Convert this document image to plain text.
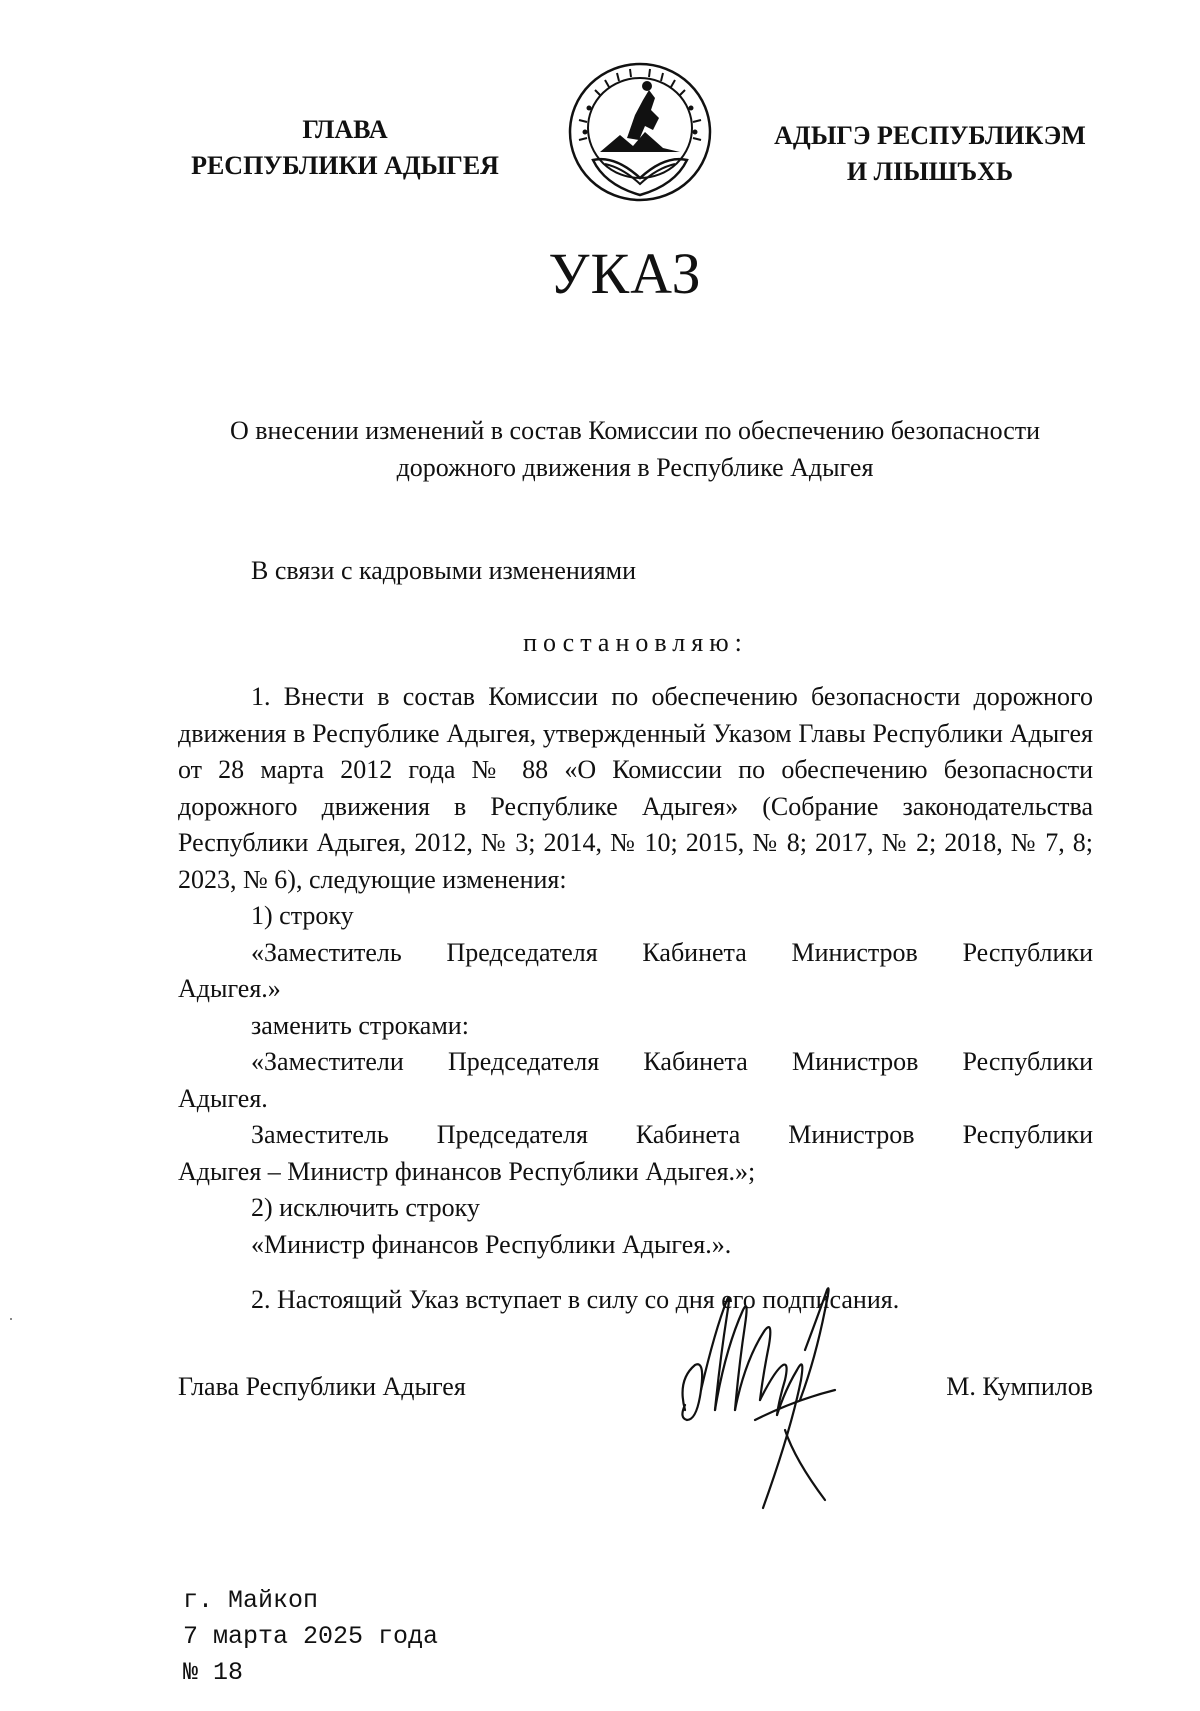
ГЛАВА
РЕСПУБЛИКИ АДЫГЕЯ
АДЫГЭ РЕСПУБЛИКЭМ
И ЛІЫШЪХЬ
УКАЗ
О внесении изменений в состав Комиссии по обеспечению безопасности
дорожного движения в Республике Адыгея
В связи с кадровыми изменениями
постановляю:
1. Внести в состав Комиссии по обеспечению безопасности дорожного движения в Республике Адыгея, утвержденный Указом Главы Республики Адыгея от 28 марта 2012 года № 88 «О Комиссии по обеспечению безопасности дорожного движения в Республике Адыгея» (Собрание законодательства Республики Адыгея, 2012, № 3; 2014, № 10; 2015, № 8; 2017, № 2; 2018, № 7, 8; 2023, № 6), следующие изменения:
1) строку
«Заместитель Председателя Кабинета Министров Республики
Адыгея.»
заменить строками:
«Заместители Председателя Кабинета Министров Республики
Адыгея.
Заместитель Председателя Кабинета Министров Республики
Адыгея – Министр финансов Республики Адыгея.»;
2) исключить строку
«Министр финансов Республики Адыгея.».
2. Настоящий Указ вступает в силу со дня его подписания.
Глава Республики Адыгея	М. Кумпилов
г. Майкоп
7 марта 2025 года
№ 18
